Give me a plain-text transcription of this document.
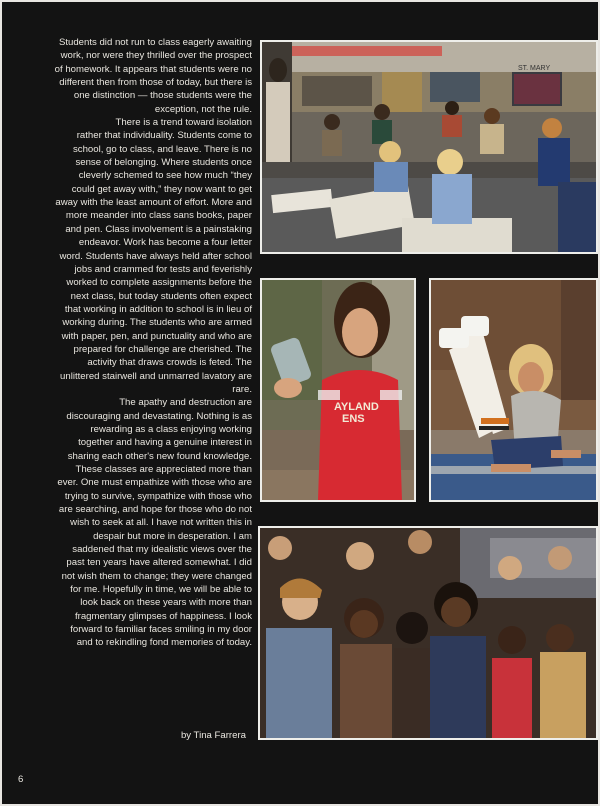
Students did not run to class eagerly awaiting work, nor were they thrilled over the prospect of homework. It appears that students were no different then from those of today, but there is one distinction — those students were the exception, not the rule.

There is a trend toward isolation rather that individuality. Students come to school, go to class, and leave. There is no sense of belonging. Where students once cleverly schemed to see how much “they could get away with,” they now want to get away with the least amount of effort. More and more meander into class sans books, paper and pen. Class involvement is a painstaking endeavor. Work has become a four letter word. Students have always held after school jobs and crammed for tests and feverishly worked to complete assignments before the next class, but today students often expect that working in addition to school is in lieu of working during. The students who are armed with paper, pen, and punctuality and who are prepared for challenge are cherished. The activity that draws crowds is feted. The unlittered stairwell and unmarred lavatory are rare.

The apathy and destruction are discouraging and devastating. Nothing is as rewarding as a class enjoying working together and having a genuine interest in sharing each other's new found knowledge. These classes are appreciated more than ever. One must empathize with those who are trying to survive, sympathize with those who are searching, and hope for those who do not wish to seek at all. I have not written this in despair but more in desperation. I am saddened that my idealistic views over the past ten years have altered somewhat. I did not wish them to change; they were changed for me. Hopefully in time, we will be able to look back on these years with more than fragmentary glimpses of happiness. I look forward to familiar faces smiling in my door and to rekindling fond memories of today.

by Tina Farrera
6
ST. MARY
AYLAND
ENS
